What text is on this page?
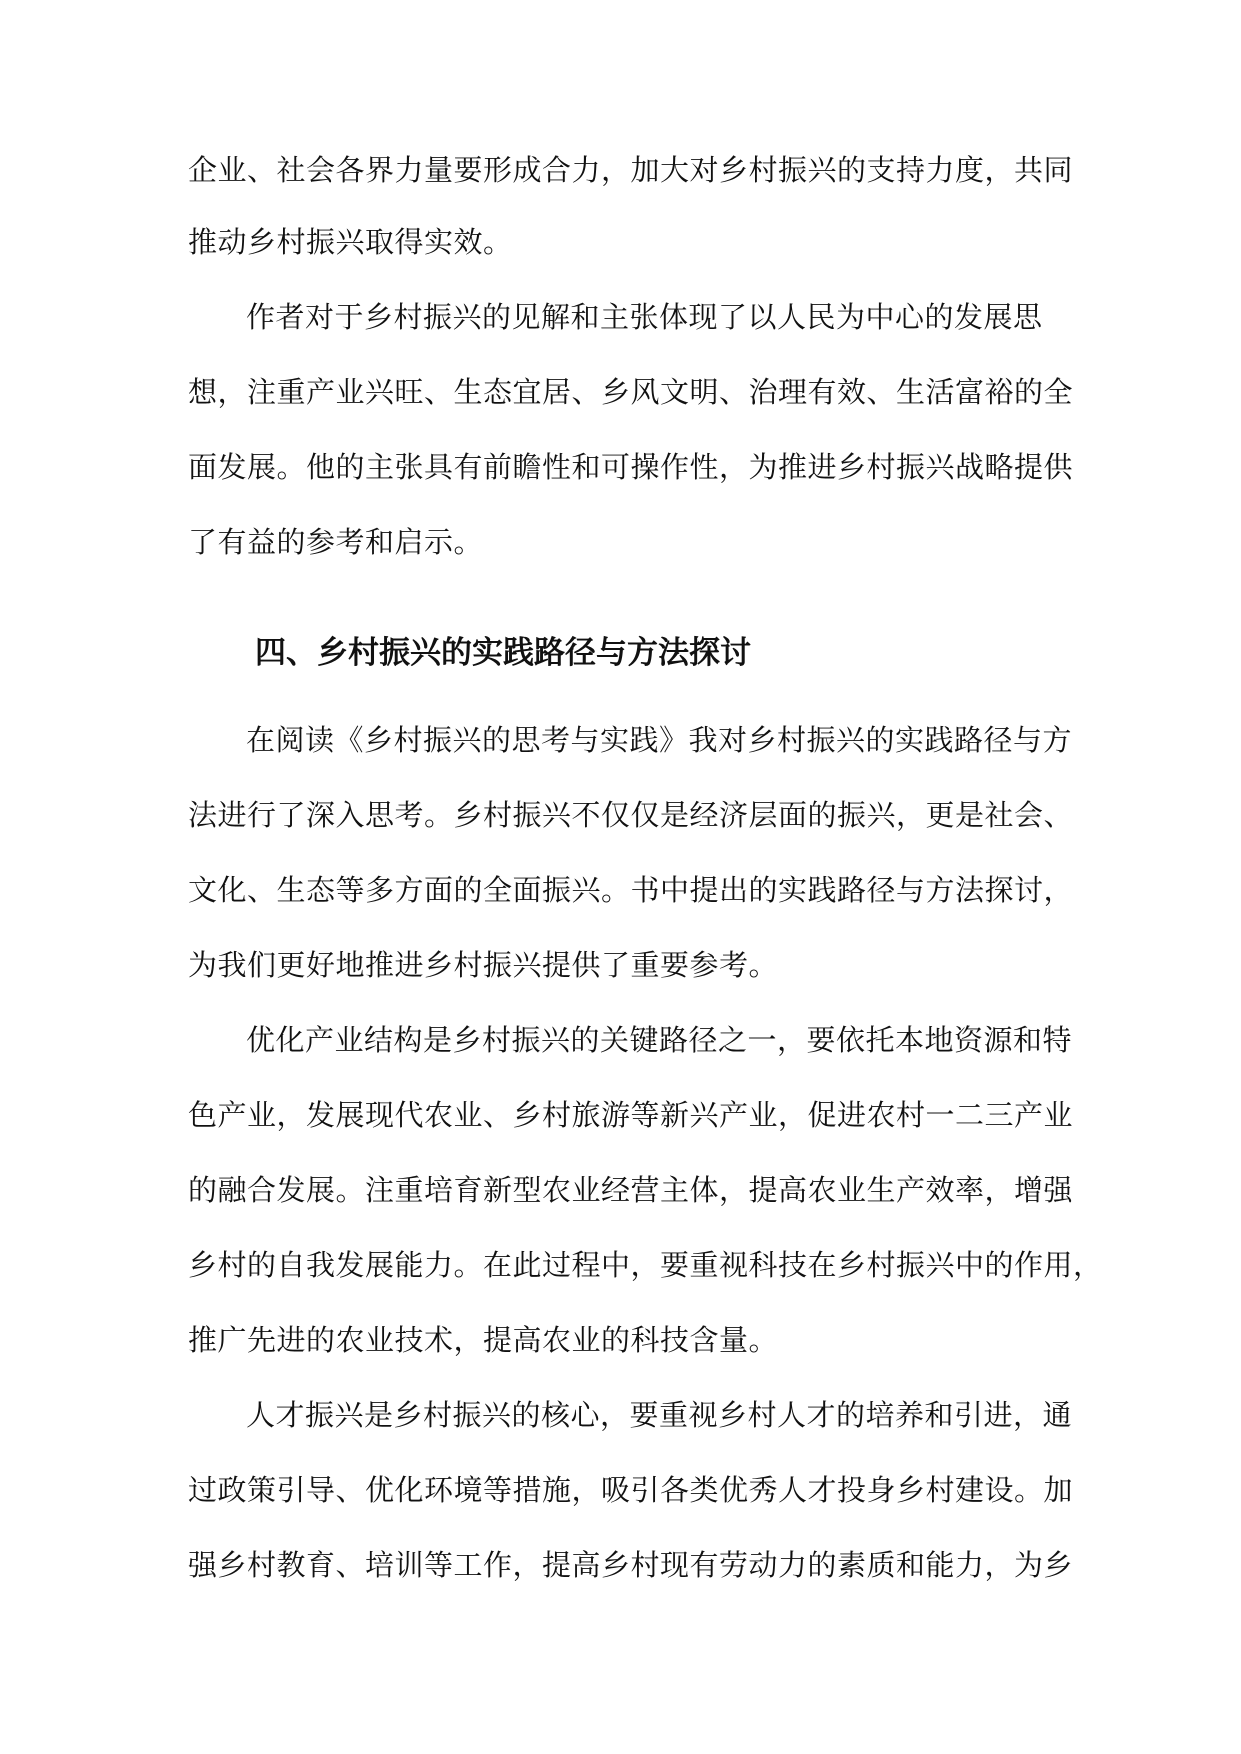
企业、社会各界力量要形成合力，加大对乡村振兴的支持力度，共同
推动乡村振兴取得实效。
作者对于乡村振兴的见解和主张体现了以人民为中心的发展思
想，注重产业兴旺、生态宜居、乡风文明、治理有效、生活富裕的全
面发展。他的主张具有前瞻性和可操作性，为推进乡村振兴战略提供
了有益的参考和启示。
四、乡村振兴的实践路径与方法探讨
在阅读《乡村振兴的思考与实践》我对乡村振兴的实践路径与方
法进行了深入思考。乡村振兴不仅仅是经济层面的振兴，更是社会、
文化、生态等多方面的全面振兴。书中提出的实践路径与方法探讨，
为我们更好地推进乡村振兴提供了重要参考。
优化产业结构是乡村振兴的关键路径之一，要依托本地资源和特
色产业，发展现代农业、乡村旅游等新兴产业，促进农村一二三产业
的融合发展。注重培育新型农业经营主体，提高农业生产效率，增强
乡村的自我发展能力。在此过程中，要重视科技在乡村振兴中的作用，
推广先进的农业技术，提高农业的科技含量。
人才振兴是乡村振兴的核心，要重视乡村人才的培养和引进，通
过政策引导、优化环境等措施，吸引各类优秀人才投身乡村建设。加
强乡村教育、培训等工作，提高乡村现有劳动力的素质和能力，为乡
